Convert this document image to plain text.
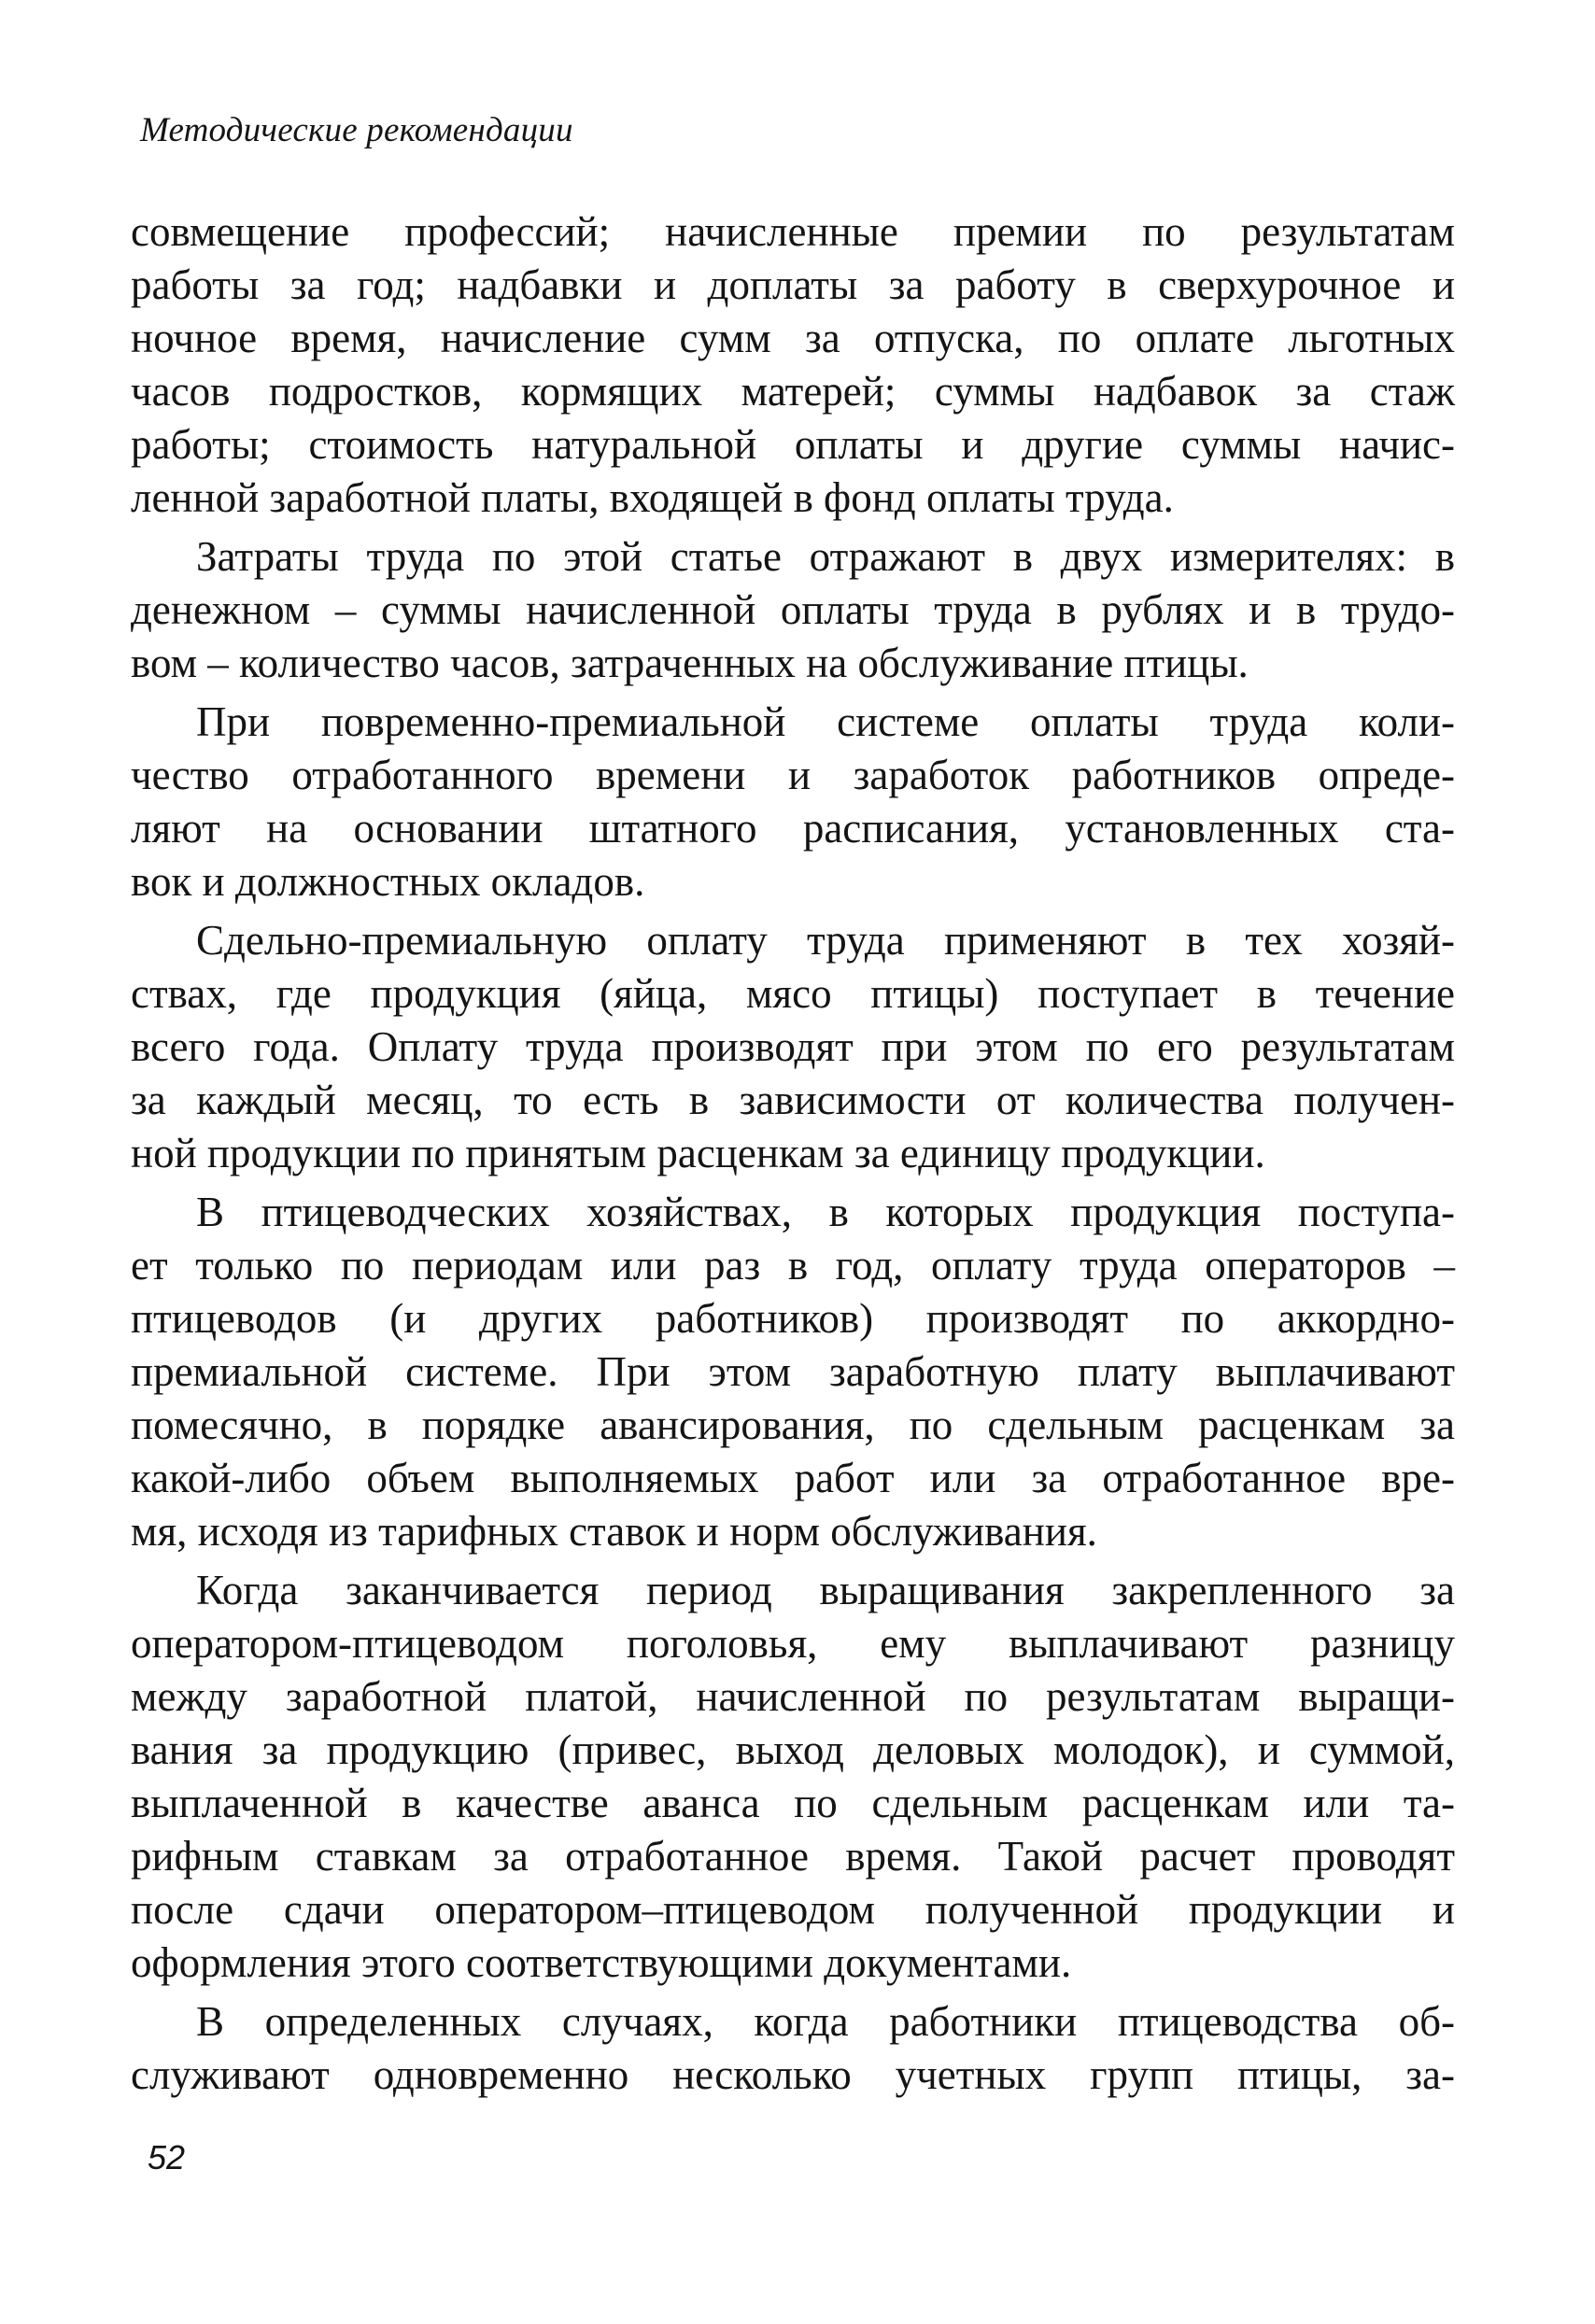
Методические рекомендации
совмещение профессий; начисленные премии по результатам
работы за год; надбавки и доплаты за работу в сверхурочное и
ночное время, начисление сумм за отпуска, по оплате льготных
часов подростков, кормящих матерей; суммы надбавок за стаж
работы; стоимость натуральной оплаты и другие суммы начис-
ленной заработной платы, входящей в фонд оплаты труда.
Затраты труда по этой статье отражают в двух измерителях: в
денежном – суммы начисленной оплаты труда в рублях и в трудо-
вом – количество часов, затраченных на обслуживание птицы.
При повременно-премиальной системе оплаты труда коли-
чество отработанного времени и заработок работников опреде-
ляют на основании штатного расписания, установленных ста-
вок и должностных окладов.
Сдельно-премиальную оплату труда применяют в тех хозяй-
ствах, где продукция (яйца, мясо птицы) поступает в течение
всего года. Оплату труда производят при этом по его результатам
за каждый месяц, то есть в зависимости от количества получен-
ной продукции по принятым расценкам за единицу продукции.
В птицеводческих хозяйствах, в которых продукция поступа-
ет только по периодам или раз в год, оплату труда операторов –
птицеводов (и других работников) производят по аккордно-
премиальной системе. При этом заработную плату выплачивают
помесячно, в порядке авансирования, по сдельным расценкам за
какой-либо объем выполняемых работ или за отработанное вре-
мя, исходя из тарифных ставок и норм обслуживания.
Когда заканчивается период выращивания закрепленного за
оператором-птицеводом поголовья, ему выплачивают разницу
между заработной платой, начисленной по результатам выращи-
вания за продукцию (привес, выход деловых молодок), и суммой,
выплаченной в качестве аванса по сдельным расценкам или та-
рифным ставкам за отработанное время. Такой расчет проводят
после сдачи оператором–птицеводом полученной продукции и
оформления этого соответствующими документами.
В определенных случаях, когда работники птицеводства об-
служивают одновременно несколько учетных групп птицы, за-
52
